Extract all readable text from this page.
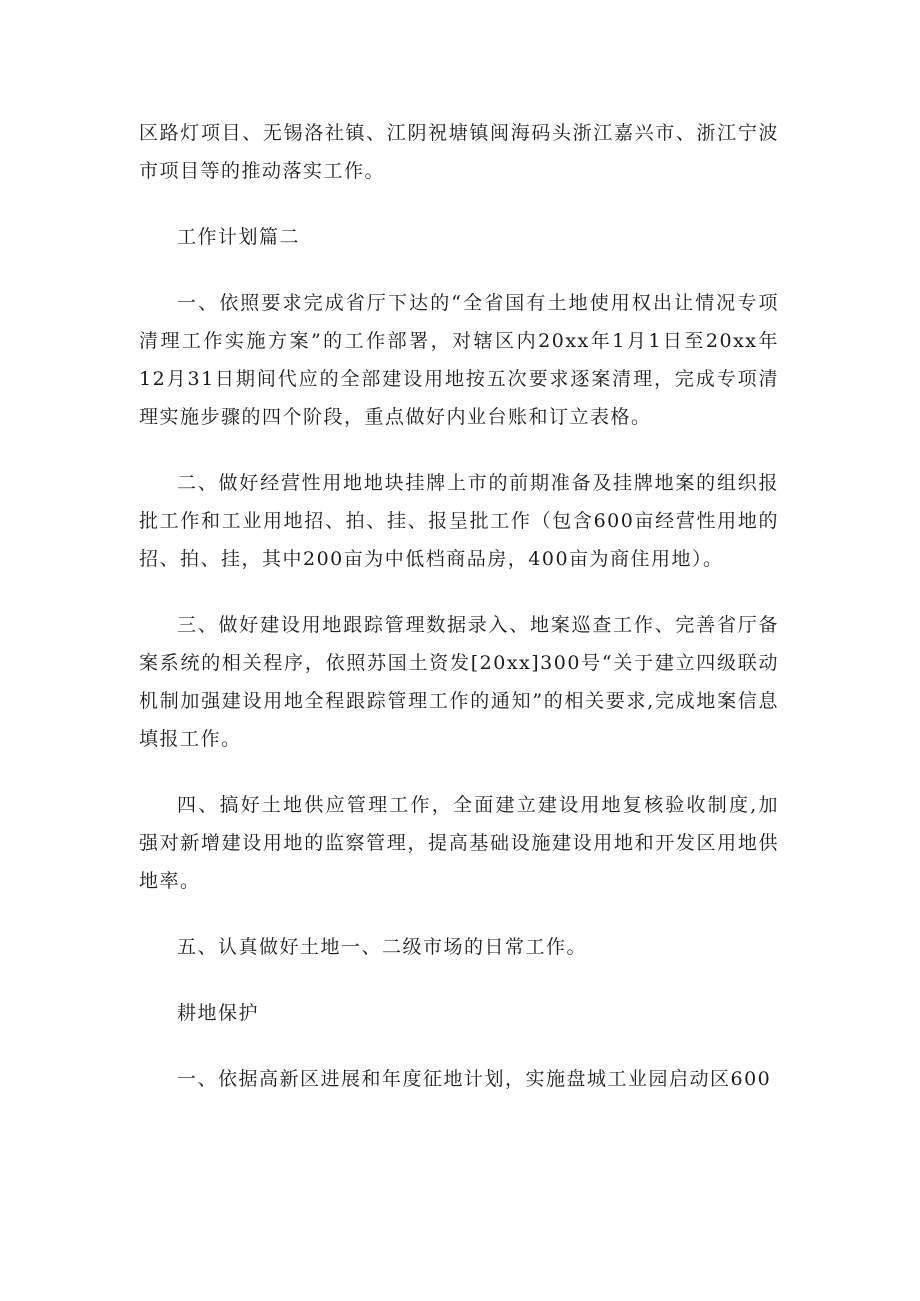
区路灯项目、无锡洛社镇、江阴祝塘镇闽海码头浙江嘉兴市、浙江宁波市项目等的推动落实工作。

工作计划篇二

一、依照要求完成省厅下达的“全省国有土地使用权出让情况专项清理工作实施方案”的工作部署，对辖区内20xx年1月1日至20xx年12月31日期间代应的全部建设用地按五次要求逐案清理，完成专项清理实施步骤的四个阶段，重点做好内业台账和订立表格。

二、做好经营性用地地块挂牌上市的前期准备及挂牌地案的组织报批工作和工业用地招、拍、挂、报呈批工作（包含600亩经营性用地的招、拍、挂，其中200亩为中低档商品房，400亩为商住用地）。

三、做好建设用地跟踪管理数据录入、地案巡查工作、完善省厅备案系统的相关程序，依照苏国土资发[20xx]300号“关于建立四级联动机制加强建设用地全程跟踪管理工作的通知”的相关要求,完成地案信息填报工作。

四、搞好土地供应管理工作，全面建立建设用地复核验收制度,加强对新增建设用地的监察管理，提高基础设施建设用地和开发区用地供地率。

五、认真做好土地一、二级市场的日常工作。

耕地保护

一、依据高新区进展和年度征地计划，实施盘城工业园启动区600
